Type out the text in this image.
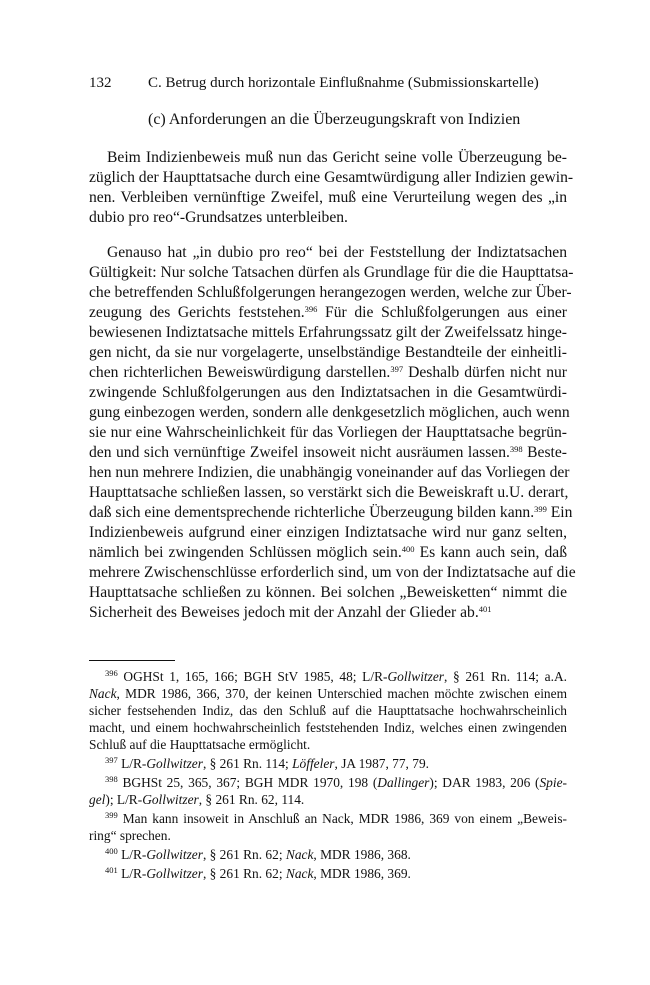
132 C. Betrug durch horizontale Einflußnahme (Submissionskartelle)
(c) Anforderungen an die Überzeugungskraft von Indizien
Beim Indizienbeweis muß nun das Gericht seine volle Überzeugung be-
züglich der Haupttatsache durch eine Gesamtwürdigung aller Indizien gewin-
nen. Verbleiben vernünftige Zweifel, muß eine Verurteilung wegen des „in
dubio pro reo“-Grundsatzes unterbleiben.
Genauso hat „in dubio pro reo“ bei der Feststellung der Indiztatsachen
Gültigkeit: Nur solche Tatsachen dürfen als Grundlage für die die Haupttatsa-
che betreffenden Schlußfolgerungen herangezogen werden, welche zur Über-
zeugung des Gerichts feststehen.$^{396}$ Für die Schlußfolgerungen aus einer
bewiesenen Indiztatsache mittels Erfahrungssatz gilt der Zweifelssatz hinge-
gen nicht, da sie nur vorgelagerte, unselbständige Bestandteile der einheitli-
chen richterlichen Beweiswürdigung darstellen.$^{397}$ Deshalb dürfen nicht nur
zwingende Schlußfolgerungen aus den Indiztatsachen in die Gesamtwürdi-
gung einbezogen werden, sondern alle denkgesetzlich möglichen, auch wenn
sie nur eine Wahrscheinlichkeit für das Vorliegen der Haupttatsache begrün-
den und sich vernünftige Zweifel insoweit nicht ausräumen lassen.$^{398}$ Beste-
hen nun mehrere Indizien, die unabhängig voneinander auf das Vorliegen der
Haupttatsache schließen lassen, so verstärkt sich die Beweiskraft u.U. derart,
daß sich eine dementsprechende richterliche Überzeugung bilden kann.$^{399}$ Ein
Indizienbeweis aufgrund einer einzigen Indiztatsache wird nur ganz selten,
nämlich bei zwingenden Schlüssen möglich sein.$^{400}$ Es kann auch sein, daß
mehrere Zwischenschlüsse erforderlich sind, um von der Indiztatsache auf die
Haupttatsache schließen zu können. Bei solchen „Beweisketten“ nimmt die
Sicherheit des Beweises jedoch mit der Anzahl der Glieder ab.$^{401}$
$^{396}$ OGHSt 1, 165, 166; BGH StV 1985, 48; L/R-Gollwitzer, § 261 Rn. 114; a.A.
Nack, MDR 1986, 366, 370, der keinen Unterschied machen möchte zwischen einem
sicher festsehenden Indiz, das den Schluß auf die Haupttatsache hochwahrscheinlich
macht, und einem hochwahrscheinlich feststehenden Indiz, welches einen zwingenden
Schluß auf die Haupttatsache ermöglicht.
$^{397}$ L/R-Gollwitzer, § 261 Rn. 114; Löffeler, JA 1987, 77, 79.
$^{398}$ BGHSt 25, 365, 367; BGH MDR 1970, 198 (Dallinger); DAR 1983, 206 (Spie-
gel); L/R-Gollwitzer, § 261 Rn. 62, 114.
$^{399}$ Man kann insoweit in Anschluß an Nack, MDR 1986, 369 von einem „Beweis-
ring“ sprechen.
$^{400}$ L/R-Gollwitzer, § 261 Rn. 62; Nack, MDR 1986, 368.
$^{401}$ L/R-Gollwitzer, § 261 Rn. 62; Nack, MDR 1986, 369.
